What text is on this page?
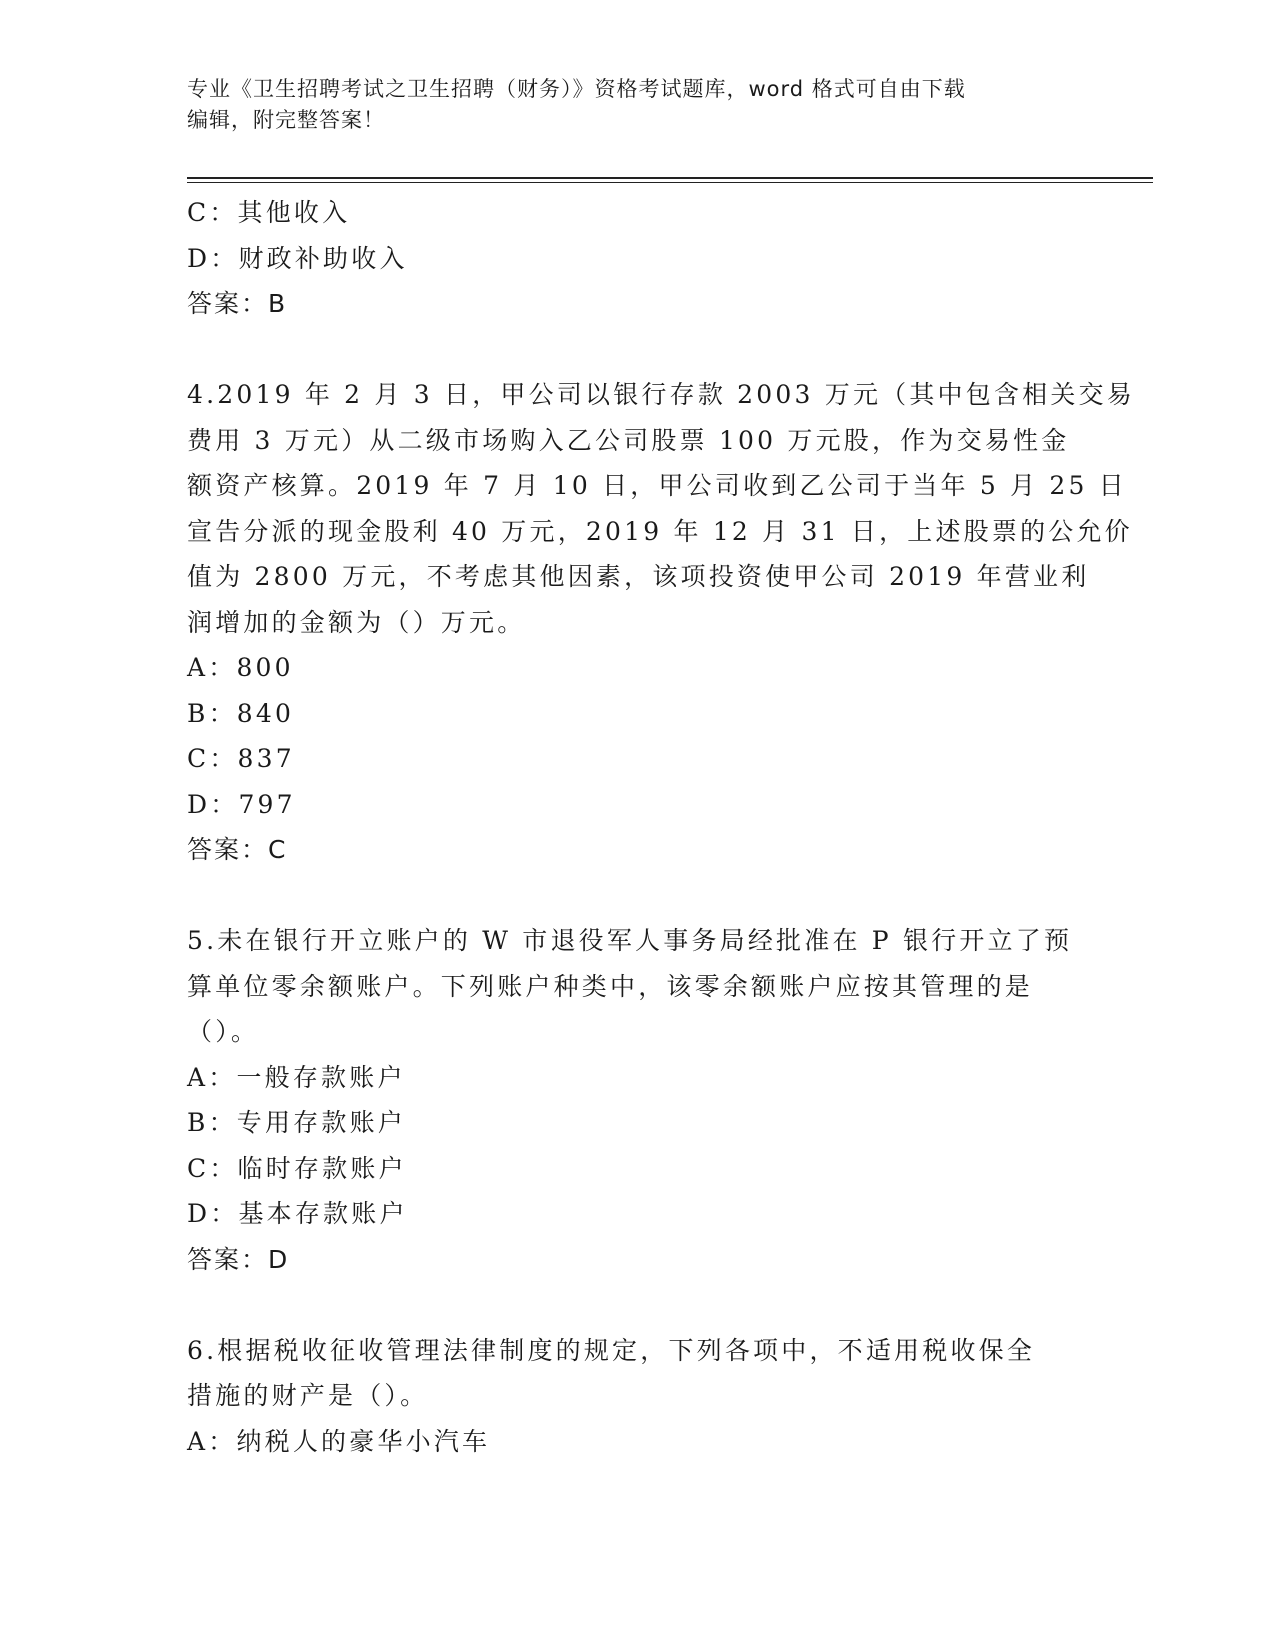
专业《卫生招聘考试之卫生招聘（财务）》资格考试题库，word 格式可自由下载
编辑，附完整答案！
C：其他收入
D：财政补助收入
答案：B
4.2019 年 2 月 3 日，甲公司以银行存款 2003 万元（其中包含相关交易
费用 3 万元）从二级市场购入乙公司股票 100 万元股，作为交易性金
额资产核算。2019 年 7 月 10 日，甲公司收到乙公司于当年 5 月 25 日
宣告分派的现金股利 40 万元，2019 年 12 月 31 日，上述股票的公允价
值为 2800 万元，不考虑其他因素，该项投资使甲公司 2019 年营业利
润增加的金额为（）万元。
A：800
B：840
C：837
D：797
答案：C
5.未在银行开立账户的 W 市退役军人事务局经批准在 P 银行开立了预
算单位零余额账户。下列账户种类中，该零余额账户应按其管理的是
（）。
A：一般存款账户
B：专用存款账户
C：临时存款账户
D：基本存款账户
答案：D
6.根据税收征收管理法律制度的规定，下列各项中，不适用税收保全
措施的财产是（）。
A：纳税人的豪华小汽车
